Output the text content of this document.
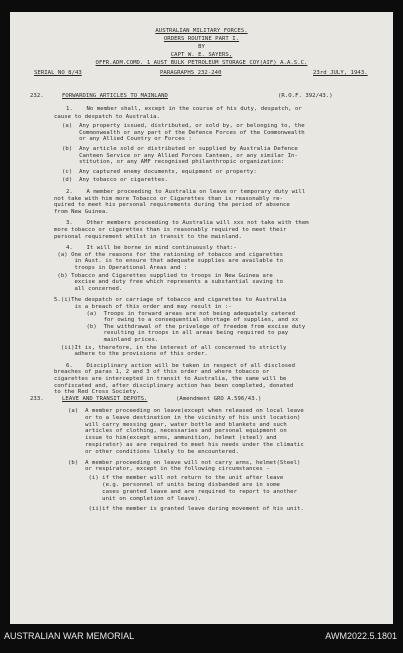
AUSTRALIAN MILITARY FORCES.
ORDERS ROUTINE PART I.
BY
CAPT W. E. SAYERS,
OFFR.ADM.COMD. 1 AUST BULK PETROLEUM STORAGE COY(AIF) A.A.S.C.
SERIAL NO 8/43	PARAGRAPHS 232-240	23rd JULY, 1943.
232.	FORWARDING ARTICLES TO MAINLAND	(R.O.F. 392/43.)
1.    No member shall, except in the course of his duty, despatch, or
cause to despatch to Australia.
(a)  Any property issued, distributed, or sold by, or belonging to, the
Commonwealth or any part of the Defence Forces of the Commonwealth
or any Allied Country or Forces :
(b)  Any article sold or distributed or supplied by Australia Defence
Canteen Service or any Allied Forces Canteen, or any similar In-
stitution, or any AMF recognised philanthropic organization:
(c)  Any captured enemy documents, equipment or property:
(d)  Any tobacco or cigarettes.
2.    A member proceeding to Australia on leave or temporary duty will
not take with him more Tobacco or Cigarettes than is reasonably re-
quired to meet his personal requirements during the period of absence
from New Guinea.
3.    Other members proceeding to Australia will xxx not take with them
more tobacco or cigarettes than is reasonably required to meet their
personal requirement whilst in transit to the mainland.
4.    It will be borne in mind continuously that:-
(a) One of the reasons for the rationing of tobacco and cigarettes
in Aust. is to ensure that adequate supplies are available to
troops in Operational Areas and :
(b) Tobacco and Cigarettes supplied to troops in New Guinea are
excise and duty free which represents a substantial saving to
all concerned.
5.(i)The despatch or carriage of tobacco and cigarettes to Australia
is a breach of this order and may result in :-
(a)  Troops in forward areas are not being adequately catered
for owing to a consequential shortage of supplies, and xx
(b)  The withdrawal of the privelege of freedom from excise duty
resulting in troops in all areas being required to pay
mainland prices.
(ii)It is, therefore, in the interest of all concerned to strictly
adhere to the provisions of this order.
6.    Disciplinary action will be taken in respect of all disclosed
breaches of paras 1, 2 and 3 of this order and where tobacco or
cigarettes are intercepted in transit to Australia, the same will be
confiscated and, after disciplinary action has been completed, donated
to the Red Cross Society.
233.	LEAVE AND TRANSIT DEPOTS.	(Amendment GRO A.596/43.)
(a)  A member proceeding on leave(except when released on local leave
or to a leave destination in the vicinity of his unit location)
will carry messing gear, water bottle and blankets and such
articles of clothing, necessaries and personal equipment on
issue to him(except arms, ammunition, helmet (steel) and
respirator) as are required to meet his needs under the climatic
or other conditions likely to be encountered.
(b)  A member proceeding on leave will not carry arms, helmet(Steel)
or respirator, except in the following circumstances -
(i) if the member will not return to the unit after leave
(e.g. personnel of units being disbanded are in some
cases granted leave and are required to report to another
unit on completion of leave).
(ii)if the member is granted leave during movement of his unit.
AUSTRALIAN WAR MEMORIAL	AWM2022.5.1801
